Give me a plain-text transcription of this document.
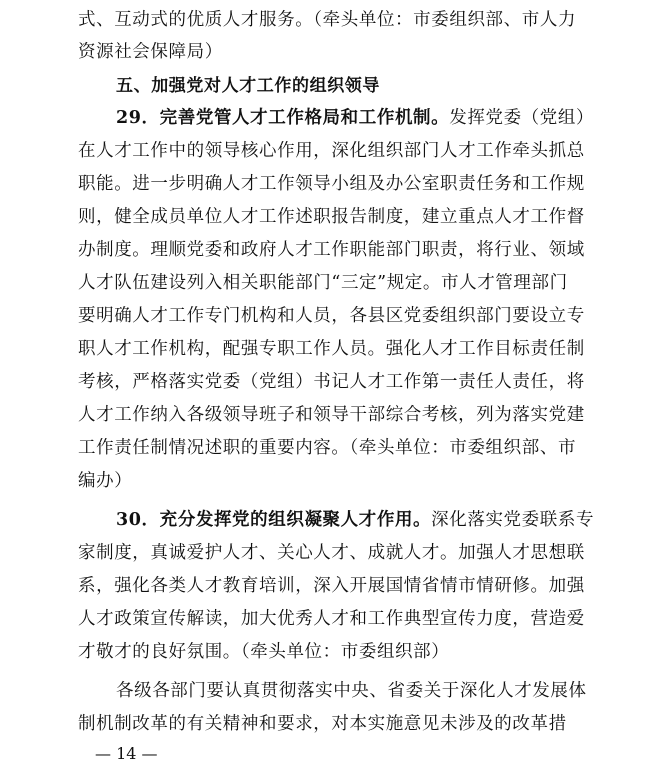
式、互动式的优质人才服务。（牵头单位：市委组织部、市人力
资源社会保障局）
五、加强党对人才工作的组织领导
29．完善党管人才工作格局和工作机制。发挥党委（党组）
在人才工作中的领导核心作用，深化组织部门人才工作牵头抓总
职能。进一步明确人才工作领导小组及办公室职责任务和工作规
则，健全成员单位人才工作述职报告制度，建立重点人才工作督
办制度。理顺党委和政府人才工作职能部门职责，将行业、领域
人才队伍建设列入相关职能部门“三定”规定。市人才管理部门
要明确人才工作专门机构和人员，各县区党委组织部门要设立专
职人才工作机构，配强专职工作人员。强化人才工作目标责任制
考核，严格落实党委（党组）书记人才工作第一责任人责任，将
人才工作纳入各级领导班子和领导干部综合考核，列为落实党建
工作责任制情况述职的重要内容。（牵头单位：市委组织部、市
编办）
30．充分发挥党的组织凝聚人才作用。深化落实党委联系专
家制度，真诚爱护人才、关心人才、成就人才。加强人才思想联
系，强化各类人才教育培训，深入开展国情省情市情研修。加强
人才政策宣传解读，加大优秀人才和工作典型宣传力度，营造爱
才敬才的良好氛围。（牵头单位：市委组织部）
各级各部门要认真贯彻落实中央、省委关于深化人才发展体
制机制改革的有关精神和要求，对本实施意见未涉及的改革措
— 14 —
